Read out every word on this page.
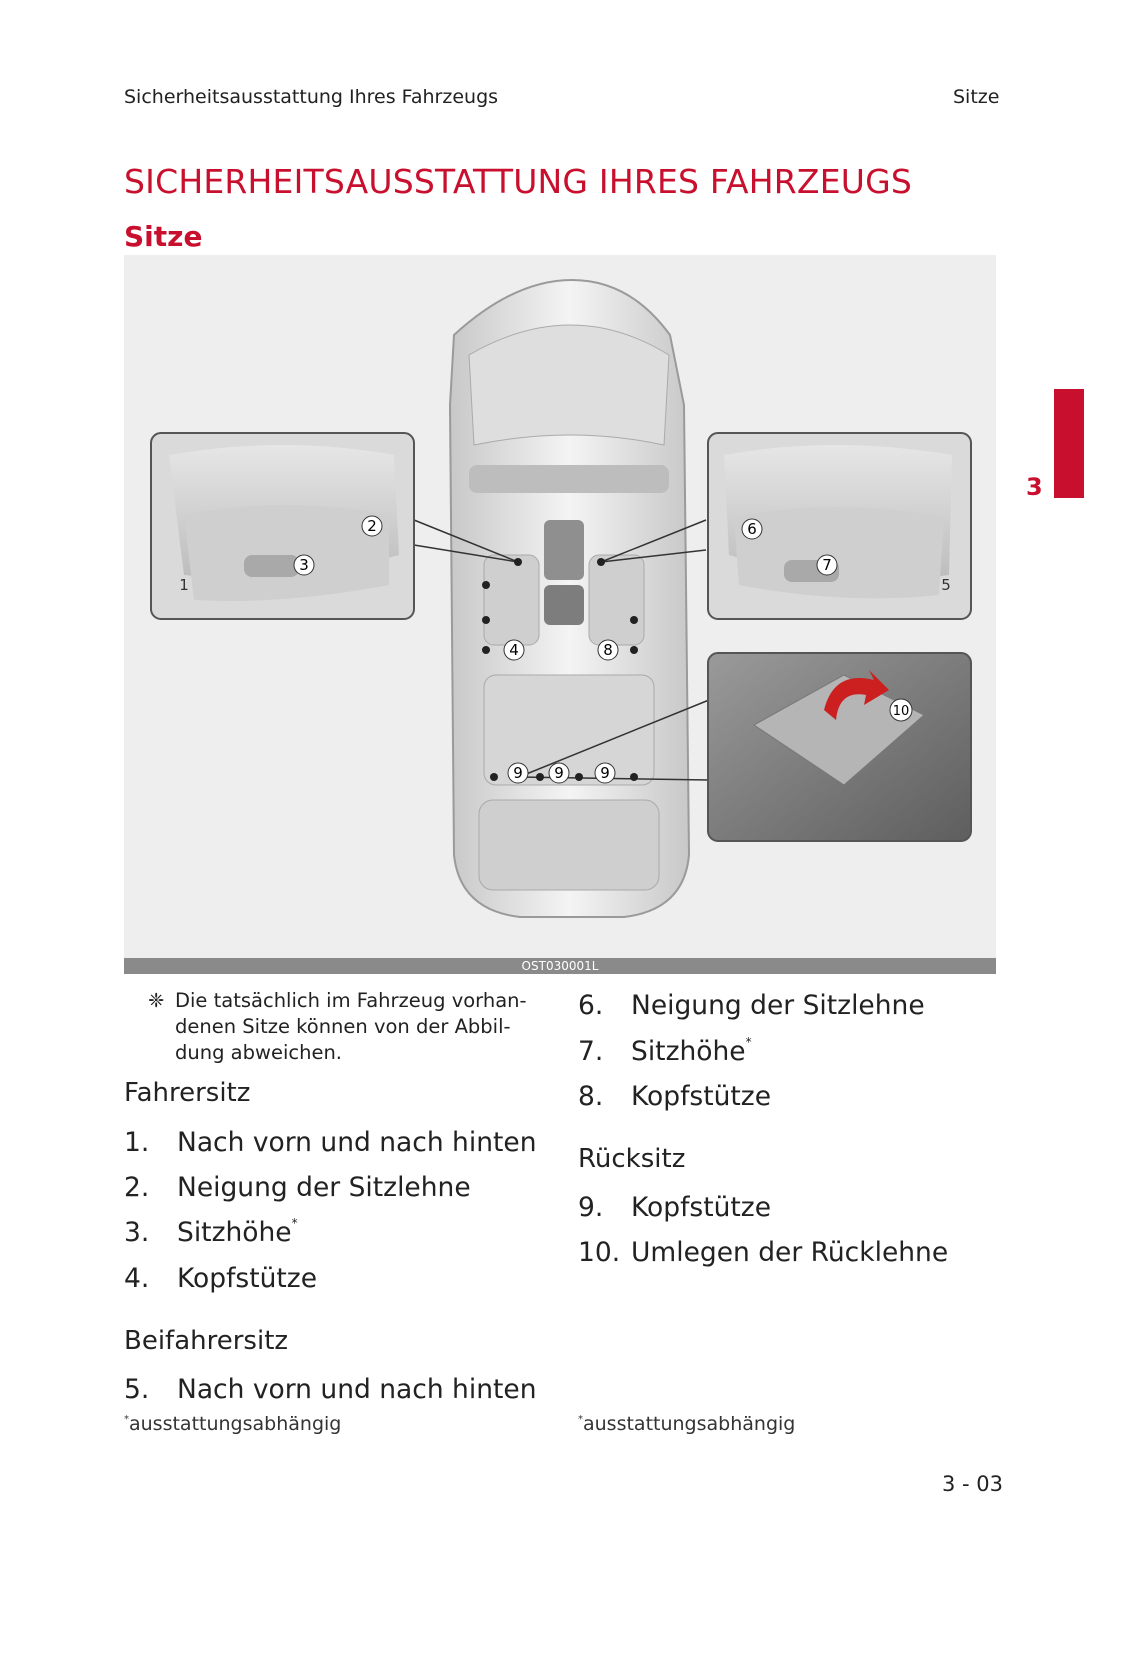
Sicherheitsausstattung Ihres Fahrzeugs	Sitze
SICHERHEITSAUSSTATTUNG IHRES FAHRZEUGS
Sitze
3
1
2
3
4
5
6
7
8
9 9 9
10
OST030001L
❈ Die tatsächlich im Fahrzeug vorhan-
denen Sitze können von der Abbil-
dung abweichen.
Fahrersitz
1. Nach vorn und nach hinten
2. Neigung der Sitzlehne
3. Sitzhöhe*
4. Kopfstütze
Beifahrersitz
5. Nach vorn und nach hinten
*ausstattungsabhängig
6. Neigung der Sitzlehne
7. Sitzhöhe*
8. Kopfstütze
Rücksitz
9. Kopfstütze
10. Umlegen der Rücklehne
*ausstattungsabhängig
3 - 03
